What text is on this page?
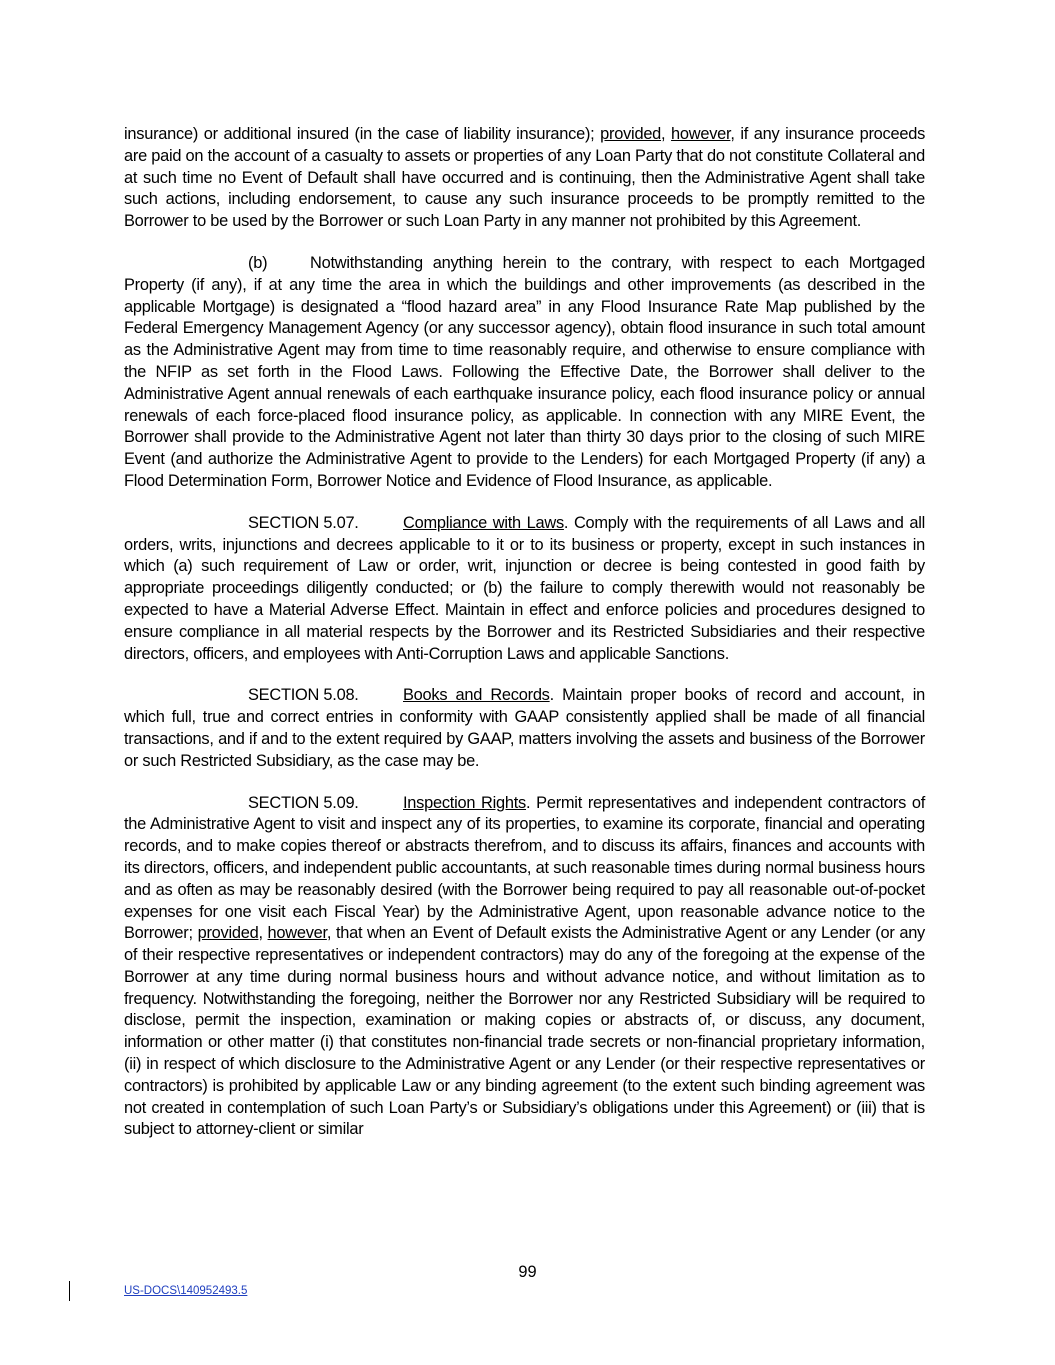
insurance) or additional insured (in the case of liability insurance); provided, however, if any insurance proceeds are paid on the account of a casualty to assets or properties of any Loan Party that do not constitute Collateral and at such time no Event of Default shall have occurred and is continuing, then the Administrative Agent shall take such actions, including endorsement, to cause any such insurance proceeds to be promptly remitted to the Borrower to be used by the Borrower or such Loan Party in any manner not prohibited by this Agreement.

(b)	Notwithstanding anything herein to the contrary, with respect to each Mortgaged Property (if any), if at any time the area in which the buildings and other improvements (as described in the applicable Mortgage) is designated a “flood hazard area” in any Flood Insurance Rate Map published by the Federal Emergency Management Agency (or any successor agency), obtain flood insurance in such total amount as the Administrative Agent may from time to time reasonably require, and otherwise to ensure compliance with the NFIP as set forth in the Flood Laws. Following the Effective Date, the Borrower shall deliver to the Administrative Agent annual renewals of each earthquake insurance policy, each flood insurance policy or annual renewals of each force-placed flood insurance policy, as applicable. In connection with any MIRE Event, the Borrower shall provide to the Administrative Agent not later than thirty 30 days prior to the closing of such MIRE Event (and authorize the Administrative Agent to provide to the Lenders) for each Mortgaged Property (if any) a Flood Determination Form, Borrower Notice and Evidence of Flood Insurance, as applicable.

SECTION 5.07.	Compliance with Laws. Comply with the requirements of all Laws and all orders, writs, injunctions and decrees applicable to it or to its business or property, except in such instances in which (a) such requirement of Law or order, writ, injunction or decree is being contested in good faith by appropriate proceedings diligently conducted; or (b) the failure to comply therewith would not reasonably be expected to have a Material Adverse Effect. Maintain in effect and enforce policies and procedures designed to ensure compliance in all material respects by the Borrower and its Restricted Subsidiaries and their respective directors, officers, and employees with Anti-Corruption Laws and applicable Sanctions.

SECTION 5.08.	Books and Records. Maintain proper books of record and account, in which full, true and correct entries in conformity with GAAP consistently applied shall be made of all financial transactions, and if and to the extent required by GAAP, matters involving the assets and business of the Borrower or such Restricted Subsidiary, as the case may be.

SECTION 5.09.	Inspection Rights. Permit representatives and independent contractors of the Administrative Agent to visit and inspect any of its properties, to examine its corporate, financial and operating records, and to make copies thereof or abstracts therefrom, and to discuss its affairs, finances and accounts with its directors, officers, and independent public accountants, at such reasonable times during normal business hours and as often as may be reasonably desired (with the Borrower being required to pay all reasonable out-of-pocket expenses for one visit each Fiscal Year) by the Administrative Agent, upon reasonable advance notice to the Borrower; provided, however, that when an Event of Default exists the Administrative Agent or any Lender (or any of their respective representatives or independent contractors) may do any of the foregoing at the expense of the Borrower at any time during normal business hours and without advance notice, and without limitation as to frequency. Notwithstanding the foregoing, neither the Borrower nor any Restricted Subsidiary will be required to disclose, permit the inspection, examination or making copies or abstracts of, or discuss, any document, information or other matter (i) that constitutes non-financial trade secrets or non-financial proprietary information, (ii) in respect of which disclosure to the Administrative Agent or any Lender (or their respective representatives or contractors) is prohibited by applicable Law or any binding agreement (to the extent such binding agreement was not created in contemplation of such Loan Party’s or Subsidiary’s obligations under this Agreement) or (iii) that is subject to attorney-client or similar

99
US-DOCS\140952493.5
